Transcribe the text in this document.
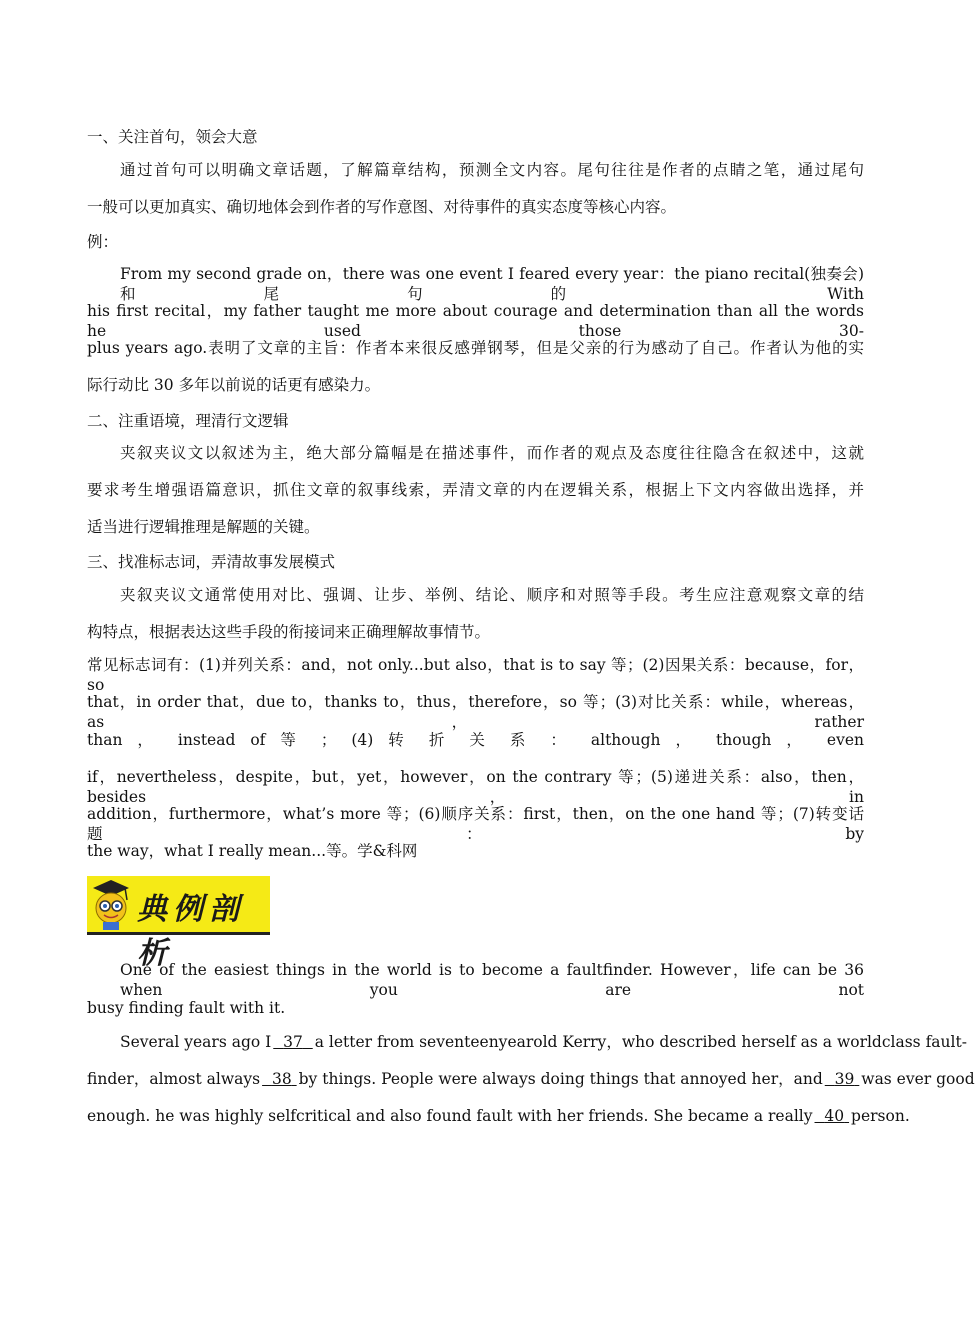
一、关注首句，领会大意
通过首句可以明确文章话题，了解篇章结构，预测全文内容。尾句往往是作者的点睛之笔，通过尾句
一般可以更加真实、确切地体会到作者的写作意图、对待事件的真实态度等核心内容。
例：
From my second grade on，there was one event I feared every year：the piano recital(独奏会)和尾句的 With
his first recital，my father taught me more about courage and determination than all the words he used those 30-
plus years ago.表明了文章的主旨：作者本来很反感弹钢琴，但是父亲的行为感动了自己。作者认为他的实
际行动比 30 多年以前说的话更有感染力。
二、注重语境，理清行文逻辑
夹叙夹议文以叙述为主，绝大部分篇幅是在描述事件，而作者的观点及态度往往隐含在叙述中，这就
要求考生增强语篇意识，抓住文章的叙事线索，弄清文章的内在逻辑关系，根据上下文内容做出选择，并
适当进行逻辑推理是解题的关键。
三、找准标志词，弄清故事发展模式
夹叙夹议文通常使用对比、强调、让步、举例、结论、顺序和对照等手段。考生应注意观察文章的结
构特点，根据表达这些手段的衔接词来正确理解故事情节。
常见标志词有：(1)并列关系：and，not only...but also，that is to say 等；(2)因果关系：because，for，so
that，in order that，due to，thanks to，thus，therefore，so 等；(3)对比关系：while，whereas，as，rather
than ， instead of 等 ； (4) 转 折 关 系 ： although ， though ， even
if，nevertheless，despite，but，yet，however，on the contrary 等；(5)递进关系：also，then，besides，in
addition，furthermore，what’s more 等；(6)顺序关系：first，then，on the one hand 等；(7)转变话题：by
the way，what I really mean...等。学&科网
典例剖析
One of the easiest things in the world is to become a faultfinder. However，life can be 36 when you are not
busy finding fault with it.
Several years ago I 37 a letter from seventeenyearold Kerry，who described herself as a worldclass fault-
finder，almost always 38 by things. People were always doing things that annoyed her，and 39 was ever good
enough. he was highly selfcritical and also found fault with her friends. She became a really 40 person.
